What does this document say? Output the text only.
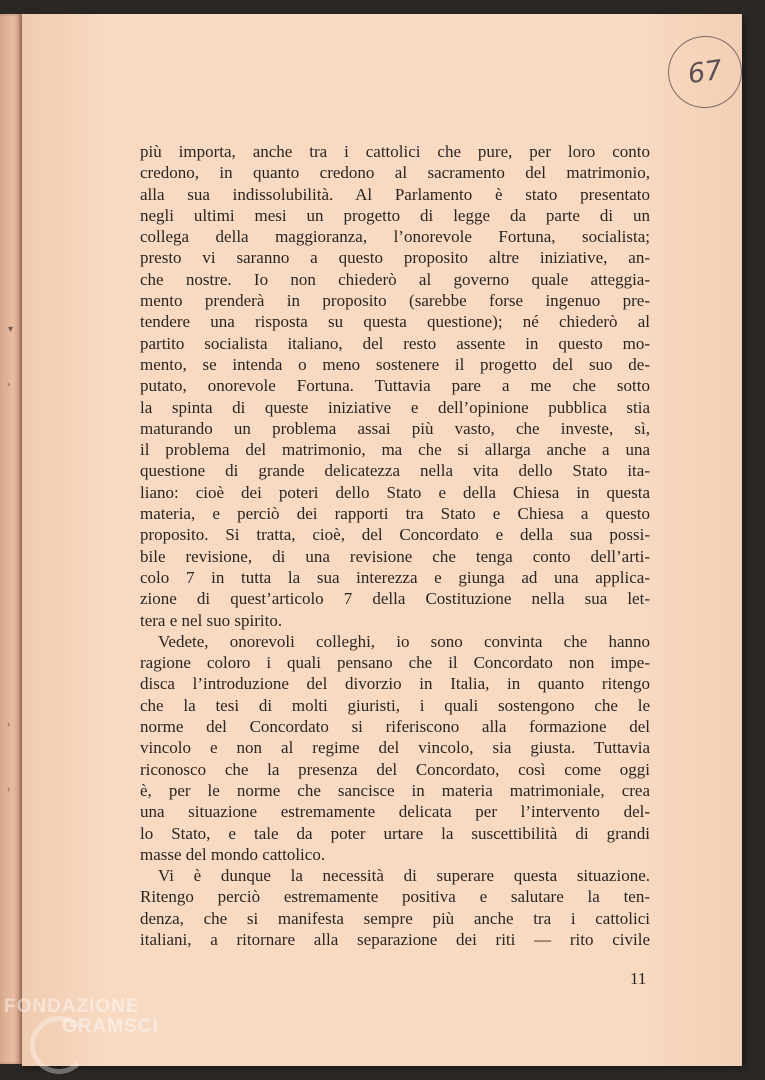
▾
›
›
›
67
più importa, anche tra i cattolici che pure, per loro conto
credono, in quanto credono al sacramento del matrimonio,
alla sua indissolubilità. Al Parlamento è stato presentato
negli ultimi mesi un progetto di legge da parte di un
collega della maggioranza, l’onorevole Fortuna, socialista;
presto vi saranno a questo proposito altre iniziative, an-
che nostre. Io non chiederò al governo quale atteggia-
mento prenderà in proposito (sarebbe forse ingenuo pre-
tendere una risposta su questa questione); né chiederò al
partito socialista italiano, del resto assente in questo mo-
mento, se intenda o meno sostenere il progetto del suo de-
putato, onorevole Fortuna. Tuttavia pare a me che sotto
la spinta di queste iniziative e dell’opinione pubblica stia
maturando un problema assai più vasto, che investe, sì,
il problema del matrimonio, ma che si allarga anche a una
questione di grande delicatezza nella vita dello Stato ita-
liano: cioè dei poteri dello Stato e della Chiesa in questa
materia, e perciò dei rapporti tra Stato e Chiesa a questo
proposito. Si tratta, cioè, del Concordato e della sua possi-
bile revisione, di una revisione che tenga conto dell’arti-
colo 7 in tutta la sua interezza e giunga ad una applica-
zione di quest’articolo 7 della Costituzione nella sua let-
tera e nel suo spirito.
Vedete, onorevoli colleghi, io sono convinta che hanno
ragione coloro i quali pensano che il Concordato non impe-
disca l’introduzione del divorzio in Italia, in quanto ritengo
che la tesi di molti giuristi, i quali sostengono che le
norme del Concordato si riferiscono alla formazione del
vincolo e non al regime del vincolo, sia giusta. Tuttavia
riconosco che la presenza del Concordato, così come oggi
è, per le norme che sancisce in materia matrimoniale, crea
una situazione estremamente delicata per l’intervento del-
lo Stato, e tale da poter urtare la suscettibilità di grandi
masse del mondo cattolico.
Vi è dunque la necessità di superare questa situazione.
Ritengo perciò estremamente positiva e salutare la ten-
denza, che si manifesta sempre più anche tra i cattolici
italiani, a ritornare alla separazione dei riti — rito civile
11
FONDAZIONE
GRAMSCI
